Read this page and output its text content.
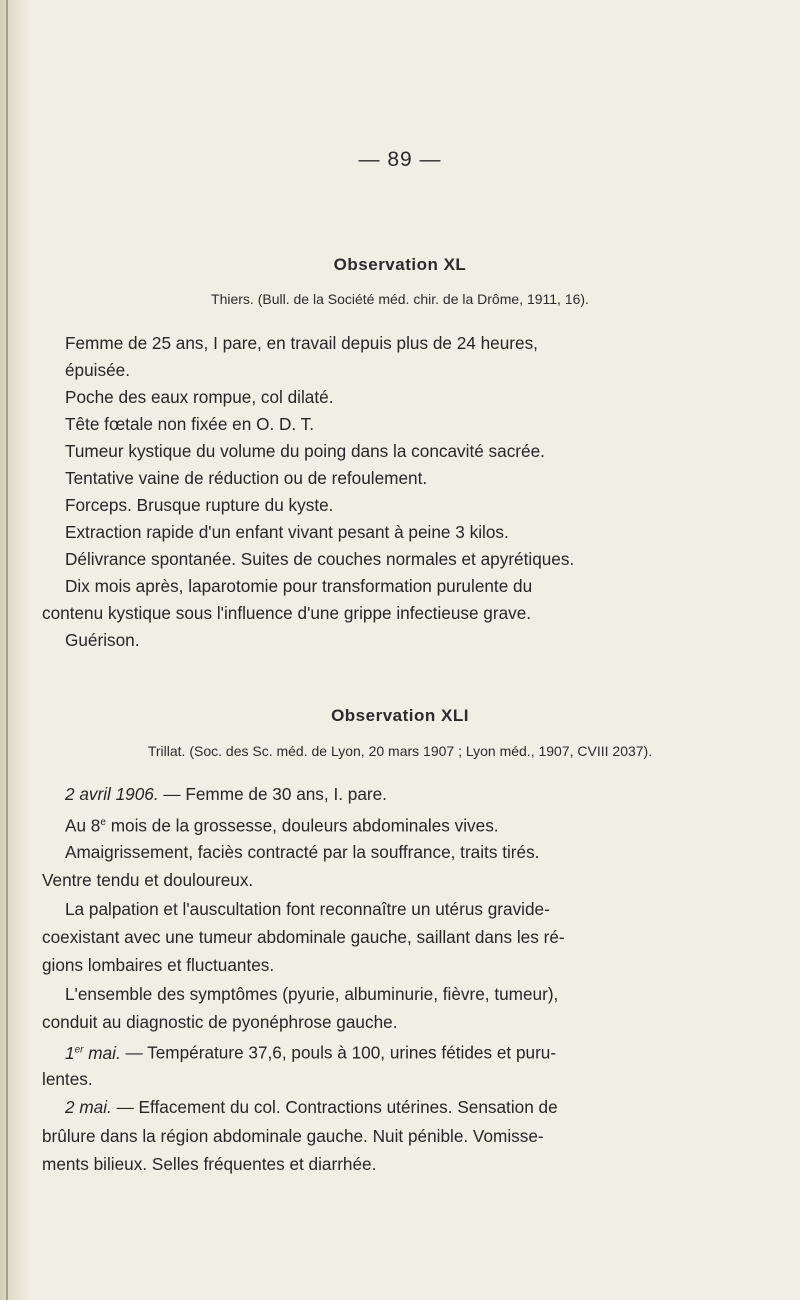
— 89 —
Observation XL
Thiers. (Bull. de la Société méd. chir. de la Drôme, 1911, 16).
Femme de 25 ans, I pare, en travail depuis plus de 24 heures,
épuisée.
Poche des eaux rompue, col dilaté.
Tête fœtale non fixée en O. D. T.
Tumeur kystique du volume du poing dans la concavité sacrée.
Tentative vaine de réduction ou de refoulement.
Forceps. Brusque rupture du kyste.
Extraction rapide d'un enfant vivant pesant à peine 3 kilos.
Délivrance spontanée. Suites de couches normales et apyrétiques.
Dix mois après, laparotomie pour transformation purulente du
contenu kystique sous l'influence d'une grippe infectieuse grave.
Guérison.
Observation XLI
Trillat. (Soc. des Sc. méd. de Lyon, 20 mars 1907 ; Lyon méd., 1907, CVIII 2037).
2 avril 1906. — Femme de 30 ans, I. pare.
Au 8e mois de la grossesse, douleurs abdominales vives.
Amaigrissement, faciès contracté par la souffrance, traits tirés.
Ventre tendu et douloureux.
La palpation et l'auscultation font reconnaître un utérus gravide-
coexistant avec une tumeur abdominale gauche, saillant dans les ré-
gions lombaires et fluctuantes.
L'ensemble des symptômes (pyurie, albuminurie, fièvre, tumeur),
conduit au diagnostic de pyonéphrose gauche.
1er mai. — Température 37,6, pouls à 100, urines fétides et puru-
lentes.
2 mai. — Effacement du col. Contractions utérines. Sensation de
brûlure dans la région abdominale gauche. Nuit pénible. Vomisse-
ments bilieux. Selles fréquentes et diarrhée.
